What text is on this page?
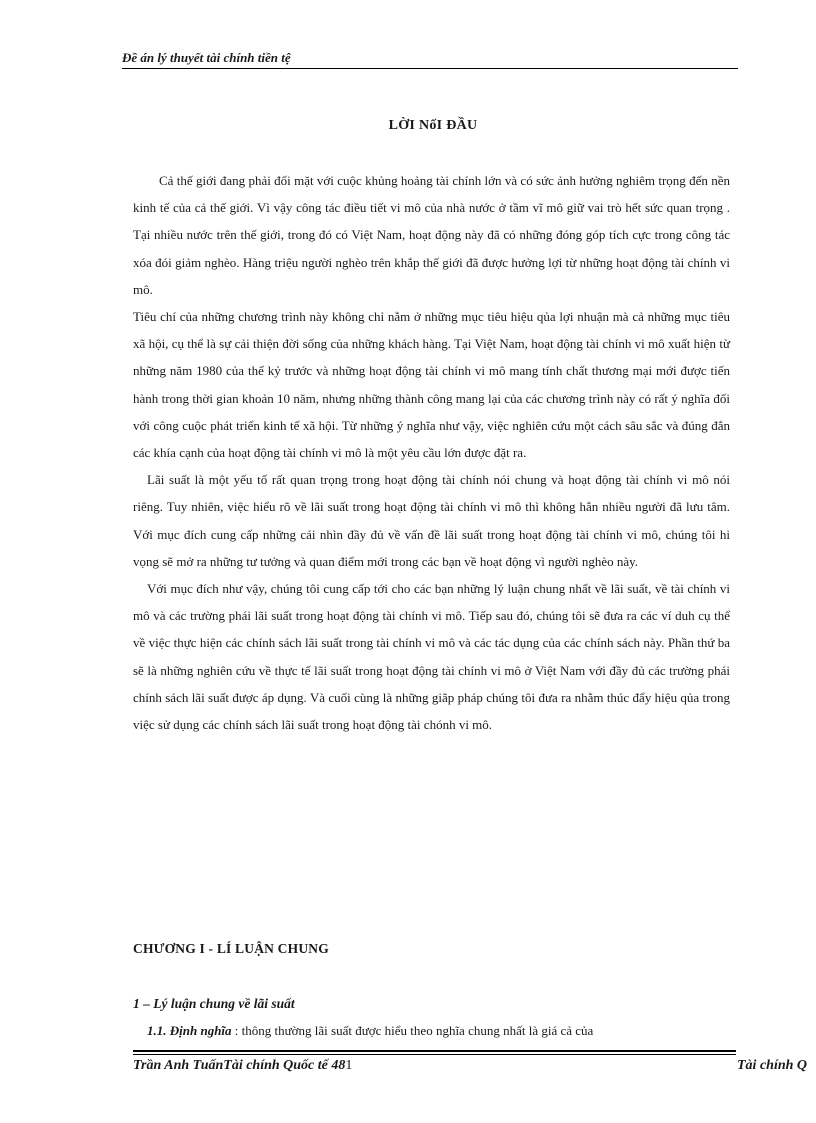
Đề án lý thuyết tài chính tiền tệ
LỜI NốI ĐẦU

Cả thế giới đang phải đối mặt với cuộc khủng hoảng tài chính lớn và có sức ảnh hưởng nghiêm trọng đến nền kinh tế của cả thế giới. Vì vậy công tác điều tiết vi mô của nhà nước ở tầm vĩ mô giữ vai trò hết sức quan trọng . Tại nhiều nước trên thế giới, trong đó có Việt Nam, hoạt động này đã có những đóng góp tích cực trong công tác xóa đói giảm nghèo. Hàng triệu người nghèo trên khắp thế giới đã được hưởng lợi từ những hoạt động tài chính vi mô.

Tiêu chí của những chương trình này không chỉ nằm ở những mục tiêu hiệu qủa lợi nhuận mà cả những mục tiêu xã hội, cụ thể là sự cải thiện đời sống của những khách hàng. Tại Việt Nam, hoạt động tài chính vi mô xuất hiện từ những năm 1980 của thế kỷ trước và những hoạt động tài chính vi mô mang tính chất thương mại mới được tiến hành trong thời gian khoản 10 năm, nhưng những thành công mang lại của các chương trình này có rất ý nghĩa đối với công cuộc phát triển kinh tế xã hội. Từ những ý nghĩa như vậy, việc nghiên cứu một cách sâu sắc và đúng đắn các khía cạnh của hoạt động tài chính vi mô là một yêu cầu lớn được đặt ra.

Lãi suất là một yếu tố rất quan trọng trong hoạt động tài chính nói chung và hoạt động tài chính vi mô nói riêng. Tuy nhiên, việc hiểu rõ về lãi suất trong hoạt động tài chính vi mô thì không hẳn nhiều người đã lưu tâm. Với mục đích cung cấp những cái nhìn đầy đủ về vấn đề lãi suất trong hoạt động tài chính vi mô, chúng tôi hi vọng sẽ mở ra những tư tưởng và quan điểm mới trong các bạn về hoạt động vì người nghèo này.

Với mục đích như vậy, chúng tôi cung cấp tới cho các bạn những lý luận chung nhất về lãi suất, về tài chính vi mô và các trường phái lãi suất trong hoạt động tài chính vi mô. Tiếp sau đó, chúng tôi sẽ đưa ra các ví duh cụ thể về việc thực hiện các chính sách lãi suất trong tài chính vi mô và các tác dụng của các chính sách này. Phần thứ ba sẽ là những nghiên cứu về thực tế lãi suất trong hoạt động tài chính vi mô ở Việt Nam với đầy đủ các trường phái chính sách lãi suất được áp dụng. Và cuối cùng là những giãp pháp chúng tôi đưa ra nhằm thúc đẩy hiệu qủa trong việc sử dụng các chính sách lãi suất trong hoạt động tài chónh vi mô.

CHƯƠNG I - LÍ LUẬN CHUNG
1 – Lý luận chung về lãi suất
1.1. Định nghĩa : thông thường lãi suất được hiểu theo nghĩa chung nhất là giá cả của
Trần Anh TuấnTài chính Quốc tế 481	Tài chính Q
